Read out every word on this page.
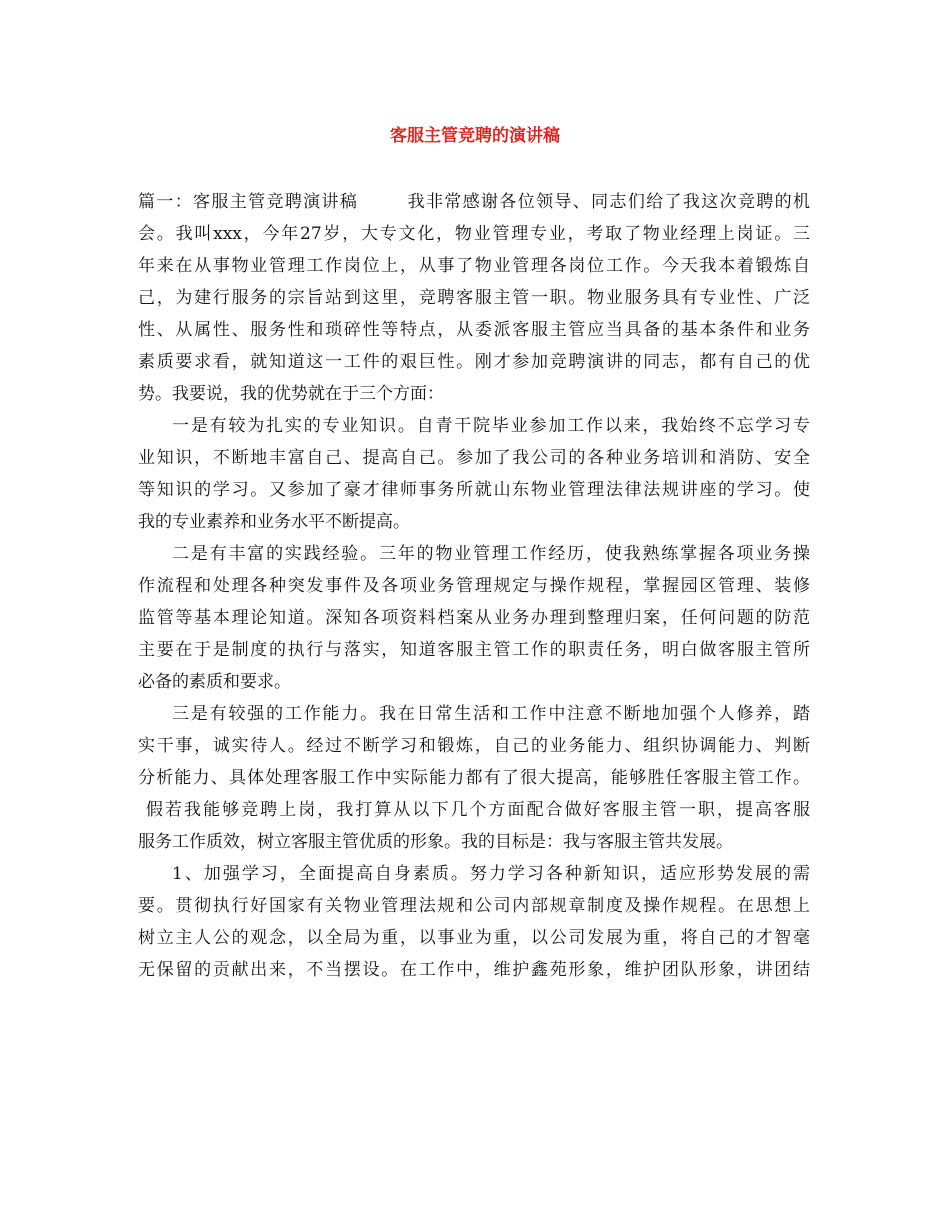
客服主管竞聘的演讲稿
篇一：客服主管竞聘演讲稿	我非常感谢各位领导、同志们给了我这次竞聘的机
会。我叫xxx，今年27岁，大专文化，物业管理专业，考取了物业经理上岗证。三
年来在从事物业管理工作岗位上，从事了物业管理各岗位工作。今天我本着锻炼自
己，为建行服务的宗旨站到这里，竞聘客服主管一职。物业服务具有专业性、广泛
性、从属性、服务性和琐碎性等特点，从委派客服主管应当具备的基本条件和业务
素质要求看，就知道这一工件的艰巨性。刚才参加竞聘演讲的同志，都有自己的优
势。我要说，我的优势就在于三个方面：
一是有较为扎实的专业知识。自青干院毕业参加工作以来，我始终不忘学习专
业知识，不断地丰富自己、提高自己。参加了我公司的各种业务培训和消防、安全
等知识的学习。又参加了豪才律师事务所就山东物业管理法律法规讲座的学习。使
我的专业素养和业务水平不断提高。
二是有丰富的实践经验。三年的物业管理工作经历，使我熟练掌握各项业务操
作流程和处理各种突发事件及各项业务管理规定与操作规程，掌握园区管理、装修
监管等基本理论知道。深知各项资料档案从业务办理到整理归案，任何问题的防范
主要在于是制度的执行与落实，知道客服主管工作的职责任务，明白做客服主管所
必备的素质和要求。
三是有较强的工作能力。我在日常生活和工作中注意不断地加强个人修养，踏
实干事，诚实待人。经过不断学习和锻炼，自己的业务能力、组织协调能力、判断
分析能力、具体处理客服工作中实际能力都有了很大提高，能够胜任客服主管工作。
假若我能够竞聘上岗，我打算从以下几个方面配合做好客服主管一职，提高客服
服务工作质效，树立客服主管优质的形象。我的目标是：我与客服主管共发展。
1、加强学习，全面提高自身素质。努力学习各种新知识，适应形势发展的需
要。贯彻执行好国家有关物业管理法规和公司内部规章制度及操作规程。在思想上
树立主人公的观念，以全局为重，以事业为重，以公司发展为重，将自己的才智毫
无保留的贡献出来，不当摆设。在工作中，维护鑫苑形象，维护团队形象，讲团结
